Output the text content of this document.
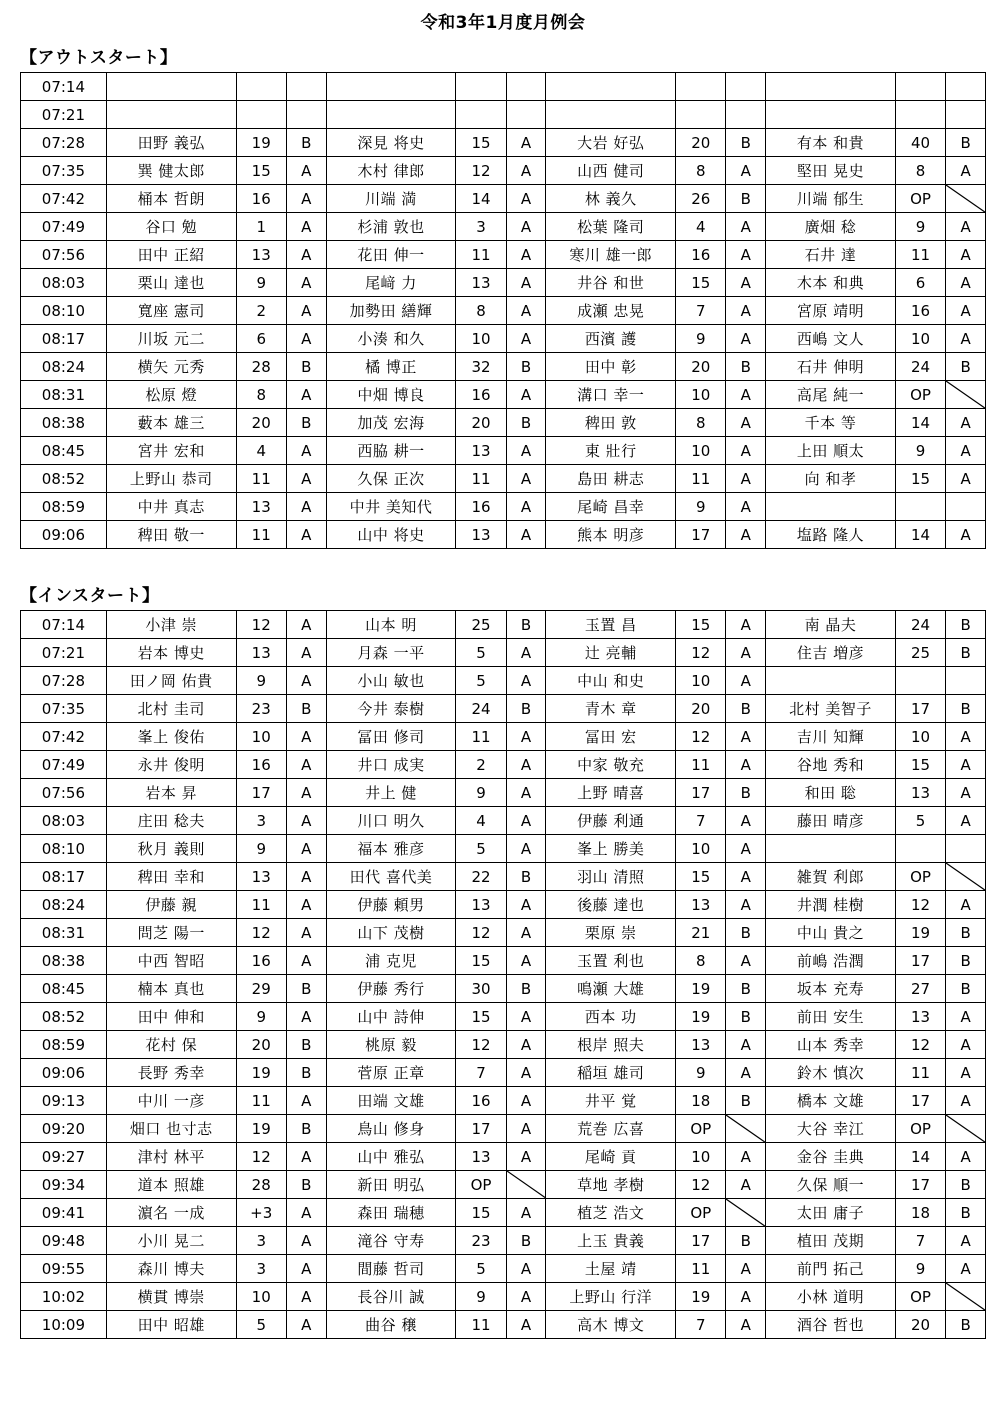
令和3年1月度月例会
【アウトスタート】
07:14												
07:21												
07:28	田野 義弘	19	B	深見 将史	15	A	大岩 好弘	20	B	有本 和貴	40	B
07:35	巽 健太郎	15	A	木村 律郎	12	A	山西 健司	8	A	堅田 晃史	8	A
07:42	桶本 哲朗	16	A	川端 満	14	A	林 義久	26	B	川端 郁生	OP	

07:49	谷口 勉	1	A	杉浦 敦也	3	A	松葉 隆司	4	A	廣畑 稔	9	A
07:56	田中 正紹	13	A	花田 伸一	11	A	寒川 雄一郎	16	A	石井 達	11	A
08:03	栗山 達也	9	A	尾﨑 力	13	A	井谷 和世	15	A	木本 和典	6	A
08:10	寬座 憲司	2	A	加勢田 繕輝	8	A	成瀬 忠晃	7	A	宮原 靖明	16	A
08:17	川坂 元二	6	A	小湊 和久	10	A	西濱 護	9	A	西嶋 文人	10	A
08:24	横矢 元秀	28	B	橘 博正	32	B	田中 彰	20	B	石井 伸明	24	B
08:31	松原 燈	8	A	中畑 博良	16	A	溝口 幸一	10	A	高尾 純一	OP	

08:38	藪本 雄三	20	B	加茂 宏海	20	B	稗田 敦	8	A	千本 等	14	A
08:45	宮井 宏和	4	A	西脇 耕一	13	A	東 壯行	10	A	上田 順太	9	A
08:52	上野山 恭司	11	A	久保 正次	11	A	島田 耕志	11	A	向 和孝	15	A
08:59	中井 真志	13	A	中井 美知代	16	A	尾崎 昌幸	9	A			
09:06	稗田 敬一	11	A	山中 将史	13	A	熊本 明彦	17	A	塩路 隆人	14	A
【インスタート】
07:14	小津 崇	12	A	山本 明	25	B	玉置 昌	15	A	南 晶夫	24	B
07:21	岩本 博史	13	A	月森 一平	5	A	辻 亮輔	12	A	住吉 増彦	25	B
07:28	田ノ岡 佑貴	9	A	小山 敏也	5	A	中山 和史	10	A			
07:35	北村 圭司	23	B	今井 泰樹	24	B	青木 章	20	B	北村 美智子	17	B
07:42	峯上 俊佑	10	A	冨田 修司	11	A	冨田 宏	12	A	吉川 知輝	10	A
07:49	永井 俊明	16	A	井口 成実	2	A	中家 敬充	11	A	谷地 秀和	15	A
07:56	岩本 昇	17	A	井上 健	9	A	上野 晴喜	17	B	和田 聡	13	A
08:03	庄田 稔夫	3	A	川口 明久	4	A	伊藤 利通	7	A	藤田 晴彦	5	A
08:10	秋月 義則	9	A	福本 雅彦	5	A	峯上 勝美	10	A			
08:17	稗田 幸和	13	A	田代 喜代美	22	B	羽山 清照	15	A	雑賀 利郎	OP	

08:24	伊藤 親	11	A	伊藤 頼男	13	A	後藤 達也	13	A	井潤 桂樹	12	A
08:31	問芝 陽一	12	A	山下 茂樹	12	A	栗原 崇	21	B	中山 貴之	19	B
08:38	中西 智昭	16	A	浦 克児	15	A	玉置 利也	8	A	前嶋 浩潤	17	B
08:45	楠本 真也	29	B	伊藤 秀行	30	B	鳴瀬 大雄	19	B	坂本 充寿	27	B
08:52	田中 伸和	9	A	山中 詩伸	15	A	西本 功	19	B	前田 安生	13	A
08:59	花村 保	20	B	桃原 毅	12	A	根岸 照夫	13	A	山本 秀幸	12	A
09:06	長野 秀幸	19	B	菅原 正章	7	A	稲垣 雄司	9	A	鈴木 慎次	11	A
09:13	中川 一彦	11	A	田端 文雄	16	A	井平 覚	18	B	橋本 文雄	17	A
09:20	畑口 也寸志	19	B	鳥山 修身	17	A	荒巻 広喜	OP		大谷 幸江	OP	

09:27	津村 林平	12	A	山中 雅弘	13	A	尾崎 貢	10	A	金谷 圭典	14	A
09:34	道本 照雄	28	B	新田 明弘	OP		草地 孝樹	12	A	久保 順一	17	B
09:41	濵名 一成	+3	A	森田 瑞穂	15	A	植芝 浩文	OP		太田 庸子	18	B
09:48	小川 晃二	3	A	滝谷 守寿	23	B	上玉 貴義	17	B	植田 茂期	7	A
09:55	森川 博夫	3	A	間藤 哲司	5	A	土屋 靖	11	A	前門 拓己	9	A
10:02	横貫 博崇	10	A	長谷川 誠	9	A	上野山 行洋	19	A	小林 道明	OP	

10:09	田中 昭雄	5	A	曲谷 穣	11	A	高木 博文	7	A	酒谷 哲也	20	B
